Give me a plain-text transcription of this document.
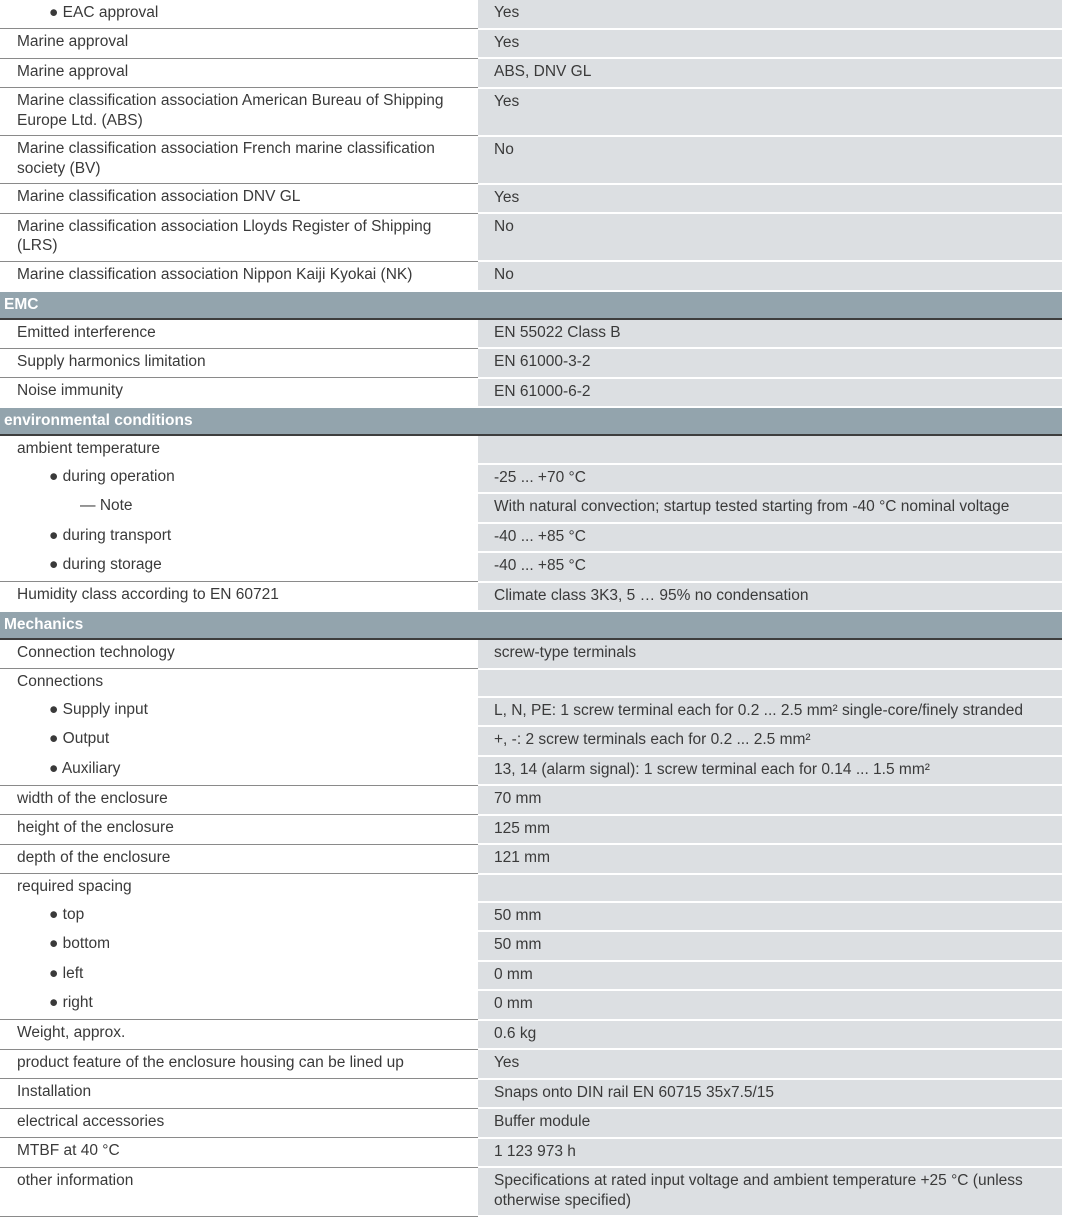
● EAC approval	Yes

Marine approval	Yes

Marine approval	ABS, DNV GL

Marine classification association American Bureau of Shipping Europe Ltd. (ABS)	Yes

Marine classification association French marine classification society (BV)	No

Marine classification association DNV GL	Yes

Marine classification association Lloyds Register of Shipping (LRS)	No

Marine classification association Nippon Kaiji Kyokai (NK)	No
EMC	

Emitted interference	EN 55022 Class B

Supply harmonics limitation	EN 61000-3-2

Noise immunity	EN 61000-6-2
environmental conditions	

ambient temperature	

● during operation	-25 ... +70 °C

— Note	With natural convection; startup tested starting from -40 °C nominal voltage

● during transport	-40 ... +85 °C

● during storage	-40 ... +85 °C

Humidity class according to EN 60721	Climate class 3K3, 5 … 95% no condensation
Mechanics	

Connection technology	screw-type terminals

Connections	

● Supply input	L, N, PE: 1 screw terminal each for 0.2 ... 2.5 mm² single-core/finely stranded

● Output	+, -: 2 screw terminals each for 0.2 ... 2.5 mm²

● Auxiliary	13, 14 (alarm signal): 1 screw terminal each for 0.14 ... 1.5 mm²

width of the enclosure	70 mm

height of the enclosure	125 mm

depth of the enclosure	121 mm

required spacing	

● top	50 mm

● bottom	50 mm

● left	0 mm

● right	0 mm

Weight, approx.	0.6 kg

product feature of the enclosure housing can be lined up	Yes

Installation	Snaps onto DIN rail EN 60715 35x7.5/15

electrical accessories	Buffer module

MTBF at 40 °C	1 123 973 h

other information	Specifications at rated input voltage and ambient temperature +25 °C (unless otherwise specified)
